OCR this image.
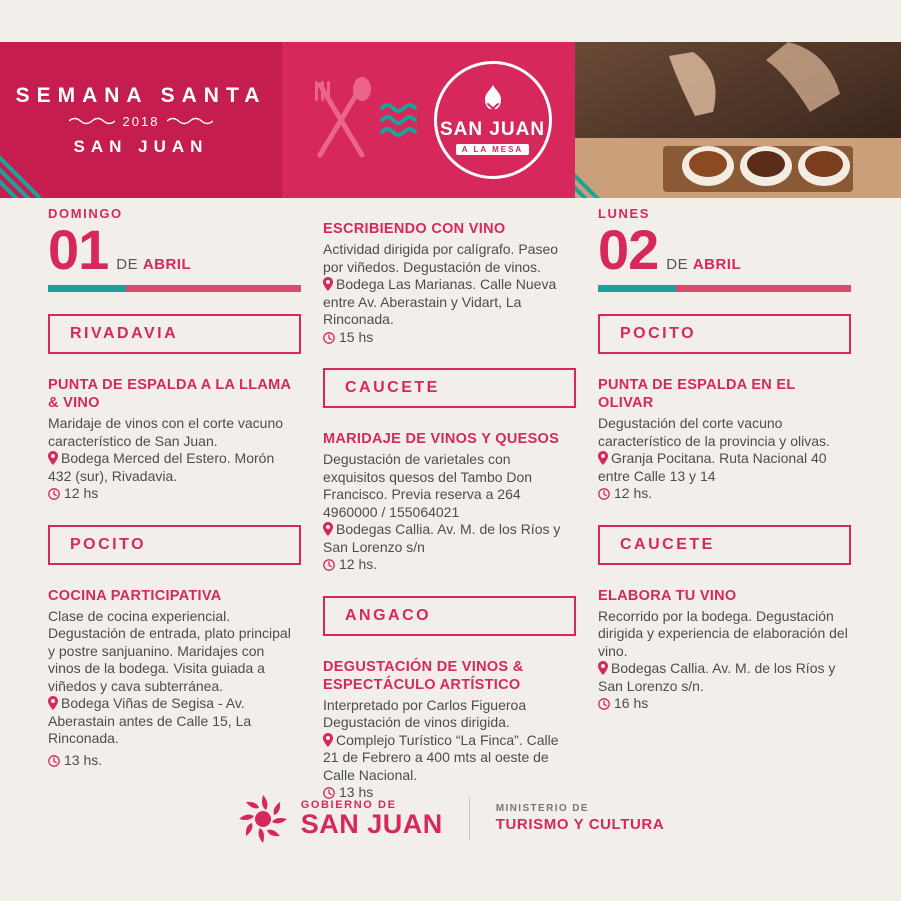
SEMANA SANTA
2018
SAN JUAN
SAN JUAN
A LA MESA
DOMINGO
01 DE ABRIL
RIVADAVIA
PUNTA DE ESPALDA A LA LLAMA & VINO
Maridaje de vinos con el corte vacuno característico de San Juan.
Bodega Merced del Estero. Morón 432 (sur), Rivadavia.
12 hs
POCITO
COCINA PARTICIPATIVA
Clase de cocina experiencial. Degustación de entrada, plato principal y postre sanjuanino. Maridajes con vinos de la bodega. Visita guiada a viñedos y cava subterránea.
Bodega Viñas de Segisa - Av. Aberastain antes de Calle 15, La Rinconada.
13 hs.
ESCRIBIENDO CON VINO
Actividad dirigida por calígrafo. Paseo por viñedos. Degustación de vinos.
Bodega Las Marianas. Calle Nueva entre Av. Aberastain y Vidart, La Rinconada.
15 hs
CAUCETE
MARIDAJE DE VINOS Y QUESOS
Degustación de varietales con exquisitos quesos del Tambo Don Francisco. Previa reserva a 264 4960000 / 155064021
Bodegas Callia. Av. M. de los Ríos y San Lorenzo s/n
12 hs.
ANGACO
DEGUSTACIÓN DE VINOS & ESPECTÁCULO ARTÍSTICO
Interpretado por Carlos Figueroa Degustación de vinos dirigida.
Complejo Turístico “La Finca”. Calle 21 de Febrero a 400 mts al oeste de Calle Nacional.
13 hs
LUNES
02 DE ABRIL
POCITO
PUNTA DE ESPALDA EN EL OLIVAR
Degustación del corte vacuno característico de la provincia y olivas.
Granja Pocitana. Ruta Nacional 40 entre Calle 13 y 14
12 hs.
CAUCETE
ELABORA TU VINO
Recorrido por la bodega. Degustación dirigida y experiencia de elaboración del vino.
Bodegas Callia. Av. M. de los Ríos y San Lorenzo s/n.
16 hs
GOBIERNO DE
SAN JUAN
MINISTERIO DE
TURISMO Y CULTURA
